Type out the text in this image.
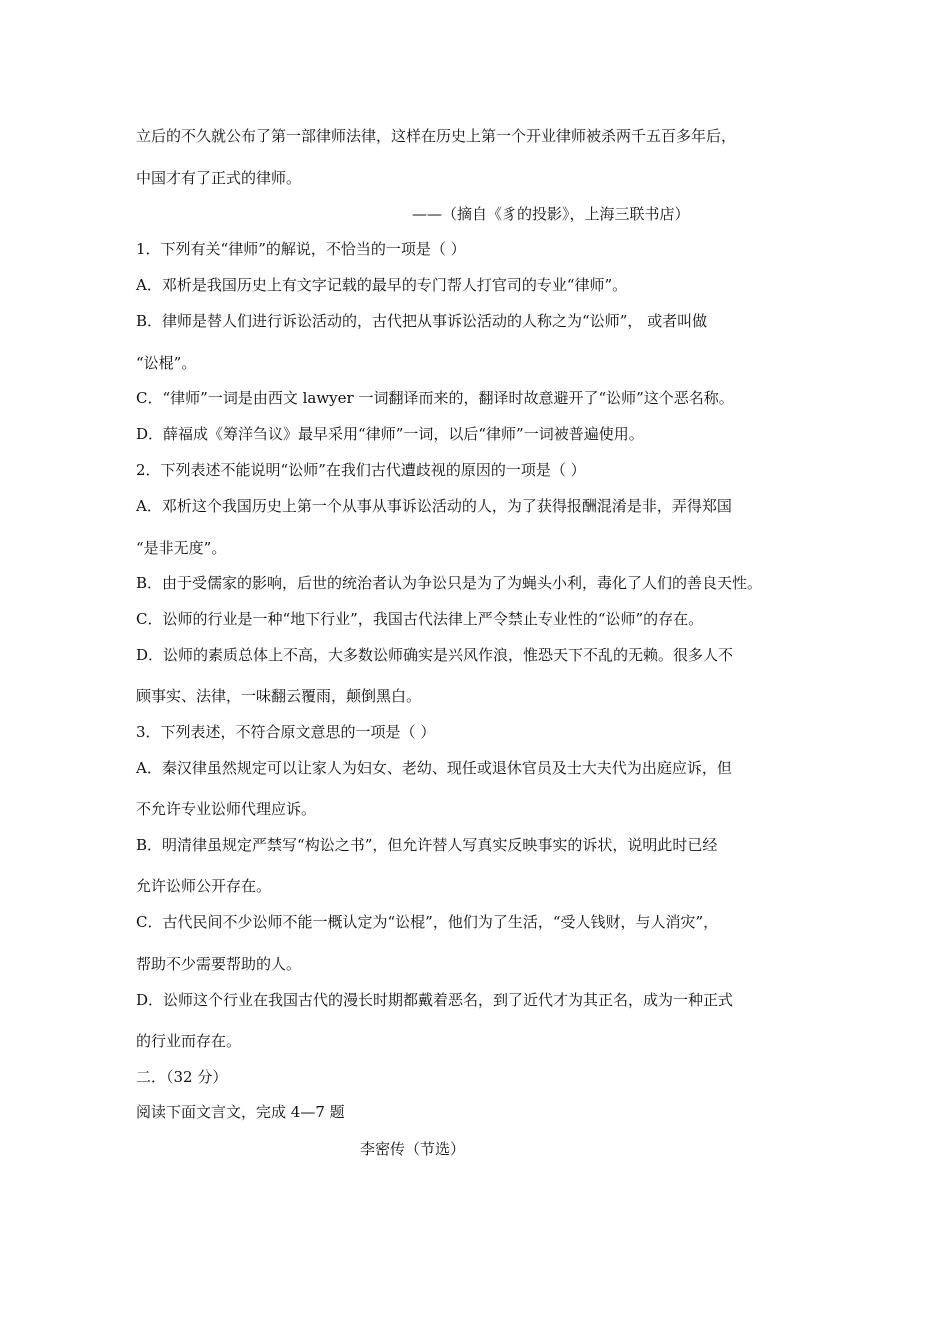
立后的不久就公布了第一部律师法律，这样在历史上第一个开业律师被杀两千五百多年后，
中国才有了正式的律师。
——（摘自《豸的投影》，上海三联书店）
1．下列有关“律师”的解说，不恰当的一项是（ ）
A．邓析是我国历史上有文字记载的最早的专门帮人打官司的专业“律师”。
B．律师是替人们进行诉讼活动的，古代把从事诉讼活动的人称之为“讼师”， 或者叫做
“讼棍”。
C．“律师”一词是由西文 lawyer 一词翻译而来的，翻译时故意避开了“讼师”这个恶名称。
D．薛福成《筹洋刍议》最早采用“律师”一词，以后“律师”一词被普遍使用。
2．下列表述不能说明“讼师”在我们古代遭歧视的原因的一项是（ ）
A．邓析这个我国历史上第一个从事从事诉讼活动的人，为了获得报酬混淆是非，弄得郑国
“是非无度”。
B．由于受儒家的影响，后世的统治者认为争讼只是为了为蝇头小利，毒化了人们的善良天性。
C．讼师的行业是一种“地下行业”，我国古代法律上严令禁止专业性的“讼师”的存在。
D．讼师的素质总体上不高，大多数讼师确实是兴风作浪，惟恐天下不乱的无赖。很多人不
顾事实、法律，一味翻云覆雨，颠倒黑白。
3．下列表述，不符合原文意思的一项是（ ）
A．秦汉律虽然规定可以让家人为妇女、老幼、现任或退休官员及士大夫代为出庭应诉，但
不允许专业讼师代理应诉。
B．明清律虽规定严禁写“构讼之书”，但允许替人写真实反映事实的诉状，说明此时已经
允许讼师公开存在。
C．古代民间不少讼师不能一概认定为“讼棍”，他们为了生活，“受人钱财，与人消灾”，
帮助不少需要帮助的人。
D．讼师这个行业在我国古代的漫长时期都戴着恶名，到了近代才为其正名，成为一种正式
的行业而存在。
二．（32 分）
阅读下面文言文，完成 4—7 题
李密传（节选）
